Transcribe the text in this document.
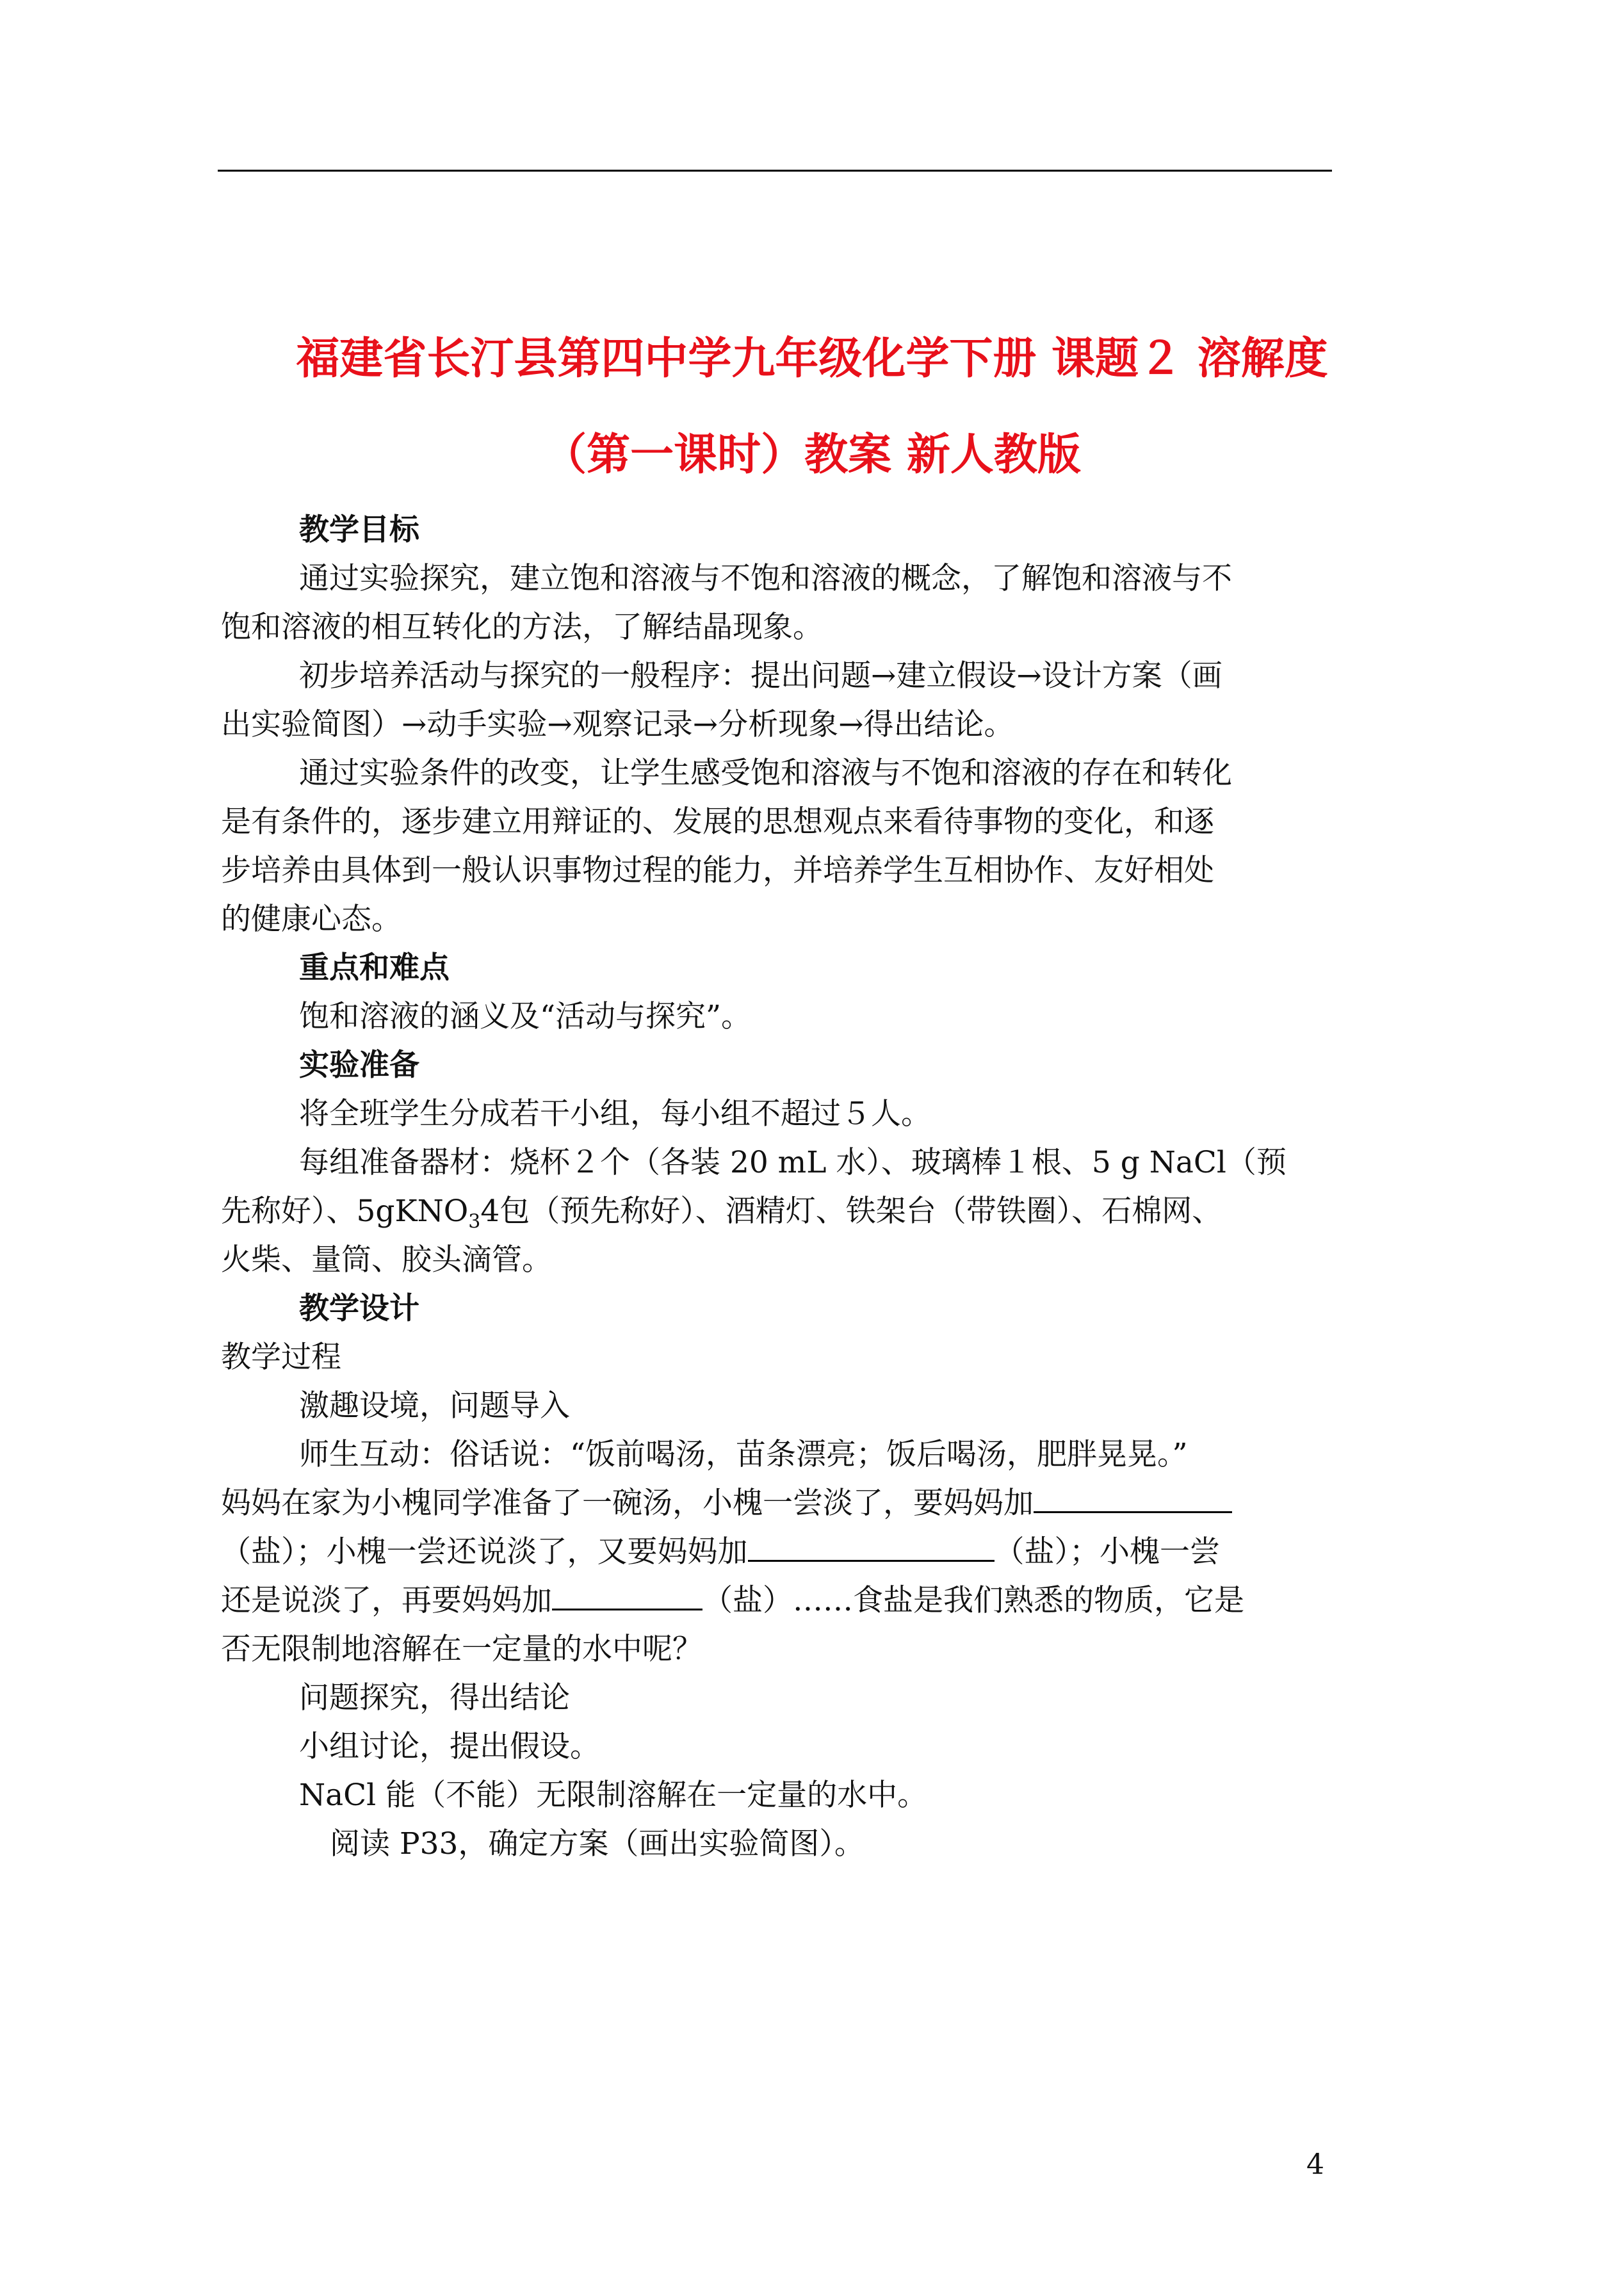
福建省长汀县第四中学九年级化学下册 课题２ 溶解度
（第一课时）教案 新人教版
教学目标
通过实验探究，建立饱和溶液与不饱和溶液的概念，了解饱和溶液与不
饱和溶液的相互转化的方法，了解结晶现象。
初步培养活动与探究的一般程序：提出问题→建立假设→设计方案（画
出实验简图）→动手实验→观察记录→分析现象→得出结论。
通过实验条件的改变，让学生感受饱和溶液与不饱和溶液的存在和转化
是有条件的，逐步建立用辩证的、发展的思想观点来看待事物的变化，和逐
步培养由具体到一般认识事物过程的能力，并培养学生互相协作、友好相处
的健康心态。
重点和难点
饱和溶液的涵义及“活动与探究”。
实验准备
将全班学生分成若干小组，每小组不超过５人。
每组准备器材：烧杯２个（各装 20 mL 水）、玻璃棒１根、5 g NaCl（预
先称好）、5gKNO$_3$4包（预先称好）、酒精灯、铁架台（带铁圈）、石棉网、
火柴、量筒、胶头滴管。
教学设计
教学过程
激趣设境，问题导入
师生互动：俗话说：“饭前喝汤，苗条漂亮；饭后喝汤，肥胖晃晃。”
妈妈在家为小槐同学准备了一碗汤，小槐一尝淡了，要妈妈加
（盐）；小槐一尝还说淡了，又要妈妈加	（盐）；小槐一尝
还是说淡了，再要妈妈加	（盐）……食盐是我们熟悉的物质，它是
否无限制地溶解在一定量的水中呢？
问题探究，得出结论
小组讨论，提出假设。
NaCl 能（不能）无限制溶解在一定量的水中。
阅读 P33，确定方案（画出实验简图）。
4
